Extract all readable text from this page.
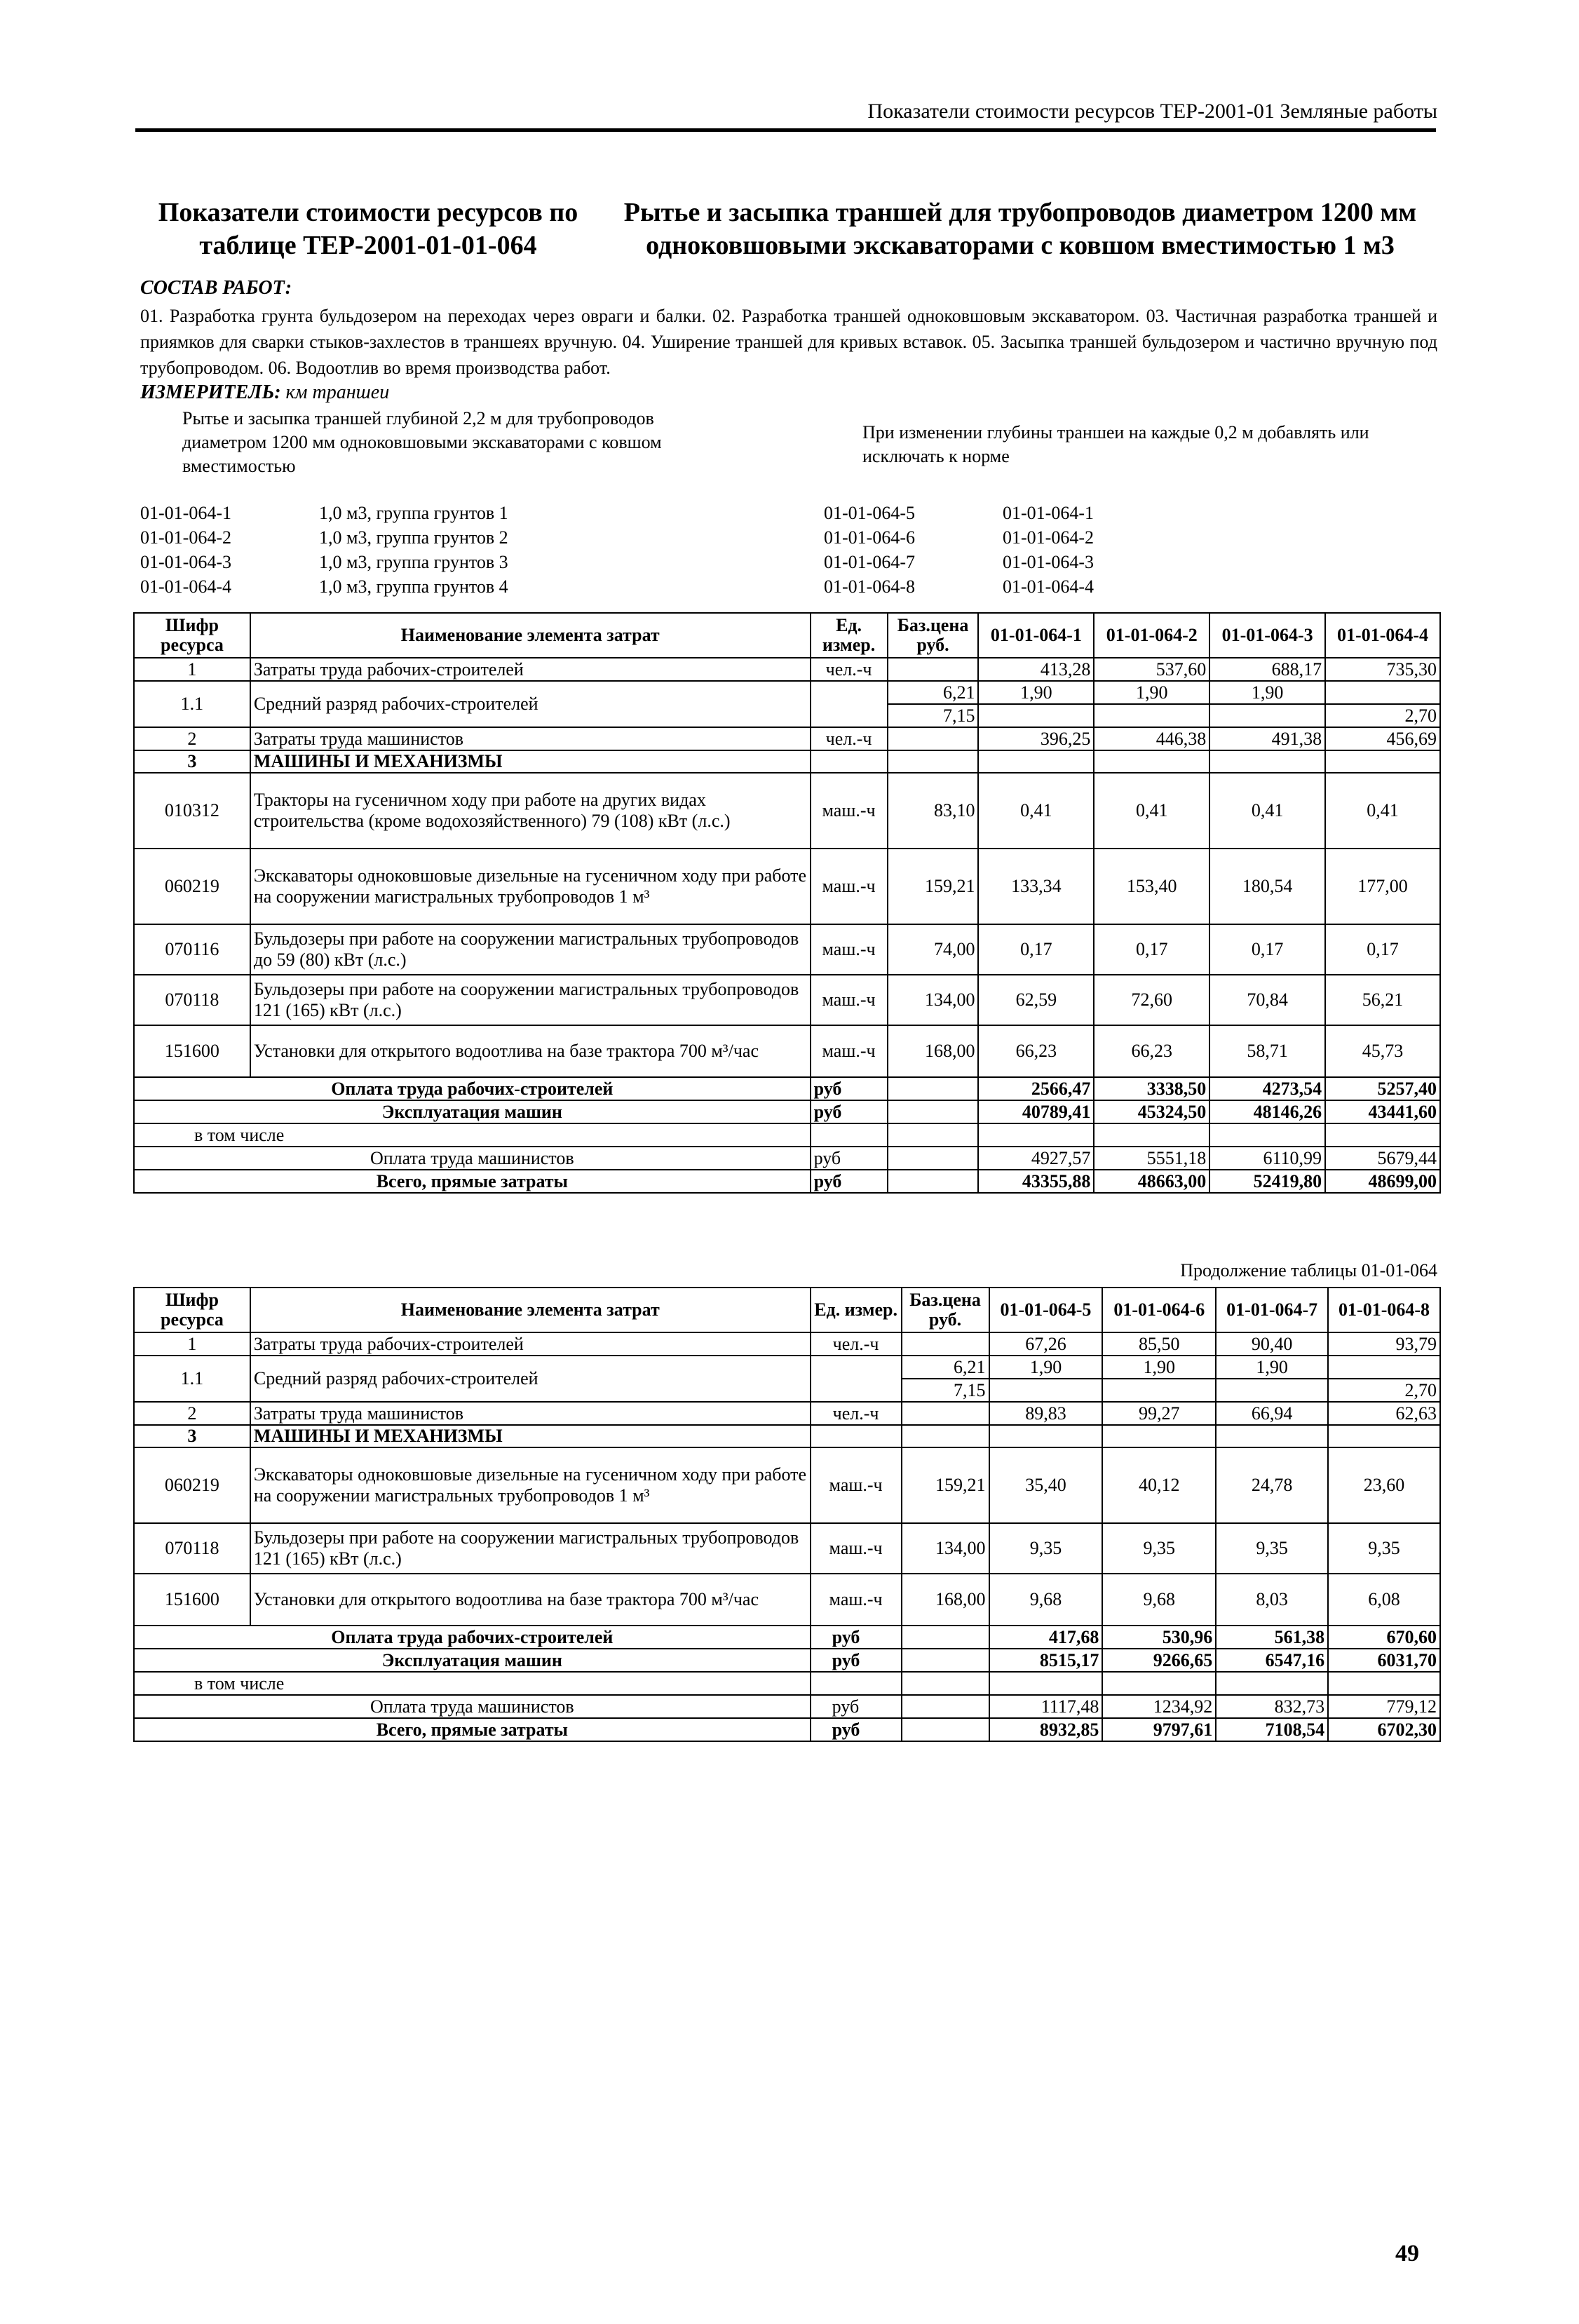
Показатели стоимости ресурсов ТЕР-2001-01 Земляные работы
Показатели стоимости ресурсов по таблице ТЕР-2001-01-01-064
Рытье и засыпка траншей для трубопроводов диаметром 1200 мм одноковшовыми экскаваторами с ковшом вместимостью 1 м3
СОСТАВ РАБОТ:
01. Разработка грунта бульдозером на переходах через овраги и балки. 02. Разработка траншей одноковшовым экскаватором. 03. Частичная разработка траншей и приямков для сварки стыков-захлестов в траншеях вручную. 04. Уширение траншей для кривых вставок. 05. Засыпка траншей бульдозером и частично вручную под трубопроводом. 06. Водоотлив во время производства работ.
ИЗМЕРИТЕЛЬ: км траншеи
Рытье и засыпка траншей глубиной 2,2 м для трубопроводов диаметром 1200 мм одноковшовыми экскаваторами с ковшом вместимостью
При изменении глубины траншеи на каждые 0,2 м добавлять или исключать к норме
01-01-064-1	1,0 м3, группа грунтов 1	01-01-064-5	01-01-064-1
01-01-064-2	1,0 м3, группа грунтов 2	01-01-064-6	01-01-064-2
01-01-064-3	1,0 м3, группа грунтов 3	01-01-064-7	01-01-064-3
01-01-064-4	1,0 м3, группа грунтов 4	01-01-064-8	01-01-064-4
Шифр ресурса	Наименование элемента затрат	Ед. измер.	Баз.цена руб.	01-01-064-1	01-01-064-2	01-01-064-3	01-01-064-4
1	Затраты труда рабочих-строителей	чел.-ч		413,28	537,60	688,17	735,30
1.1	Средний разряд рабочих-строителей		6,21	1,90	1,90	1,90	
			7,15				2,70
2	Затраты труда машинистов	чел.-ч		396,25	446,38	491,38	456,69
3	МАШИНЫ И МЕХАНИЗМЫ						
010312	Тракторы на гусеничном ходу при работе на других видах строительства (кроме водохозяйственного) 79 (108) кВт (л.с.)	маш.-ч	83,10	0,41	0,41	0,41	0,41
060219	Экскаваторы одноковшовые дизельные на гусеничном ходу при работе на сооружении магистральных трубопроводов 1 м³	маш.-ч	159,21	133,34	153,40	180,54	177,00
070116	Бульдозеры при работе на сооружении магистральных трубопроводов до 59 (80) кВт (л.с.)	маш.-ч	74,00	0,17	0,17	0,17	0,17
070118	Бульдозеры при работе на сооружении магистральных трубопроводов 121 (165) кВт (л.с.)	маш.-ч	134,00	62,59	72,60	70,84	56,21
151600	Установки для открытого водоотлива на базе трактора 700 м³/час	маш.-ч	168,00	66,23	66,23	58,71	45,73
Оплата труда рабочих-строителей		руб		2566,47	3338,50	4273,54	5257,40
Эксплуатация машин		руб		40789,41	45324,50	48146,26	43441,60
в том числе							
Оплата труда машинистов		руб		4927,57	5551,18	6110,99	5679,44
Всего, прямые затраты		руб		43355,88	48663,00	52419,80	48699,00
Продолжение таблицы 01-01-064
Шифр ресурса	Наименование элемента затрат	Ед. измер.	Баз.цена руб.	01-01-064-5	01-01-064-6	01-01-064-7	01-01-064-8
1	Затраты труда рабочих-строителей	чел.-ч		67,26	85,50	90,40	93,79
1.1	Средний разряд рабочих-строителей		6,21	1,90	1,90	1,90	
			7,15				2,70
2	Затраты труда машинистов	чел.-ч		89,83	99,27	66,94	62,63
3	МАШИНЫ И МЕХАНИЗМЫ						
060219	Экскаваторы одноковшовые дизельные на гусеничном ходу при работе на сооружении магистральных трубопроводов 1 м³	маш.-ч	159,21	35,40	40,12	24,78	23,60
070118	Бульдозеры при работе на сооружении магистральных трубопроводов 121 (165) кВт (л.с.)	маш.-ч	134,00	9,35	9,35	9,35	9,35
151600	Установки для открытого водоотлива на базе трактора 700 м³/час	маш.-ч	168,00	9,68	9,68	8,03	6,08
Оплата труда рабочих-строителей		руб		417,68	530,96	561,38	670,60
Эксплуатация машин		руб		8515,17	9266,65	6547,16	6031,70
в том числе							
Оплата труда машинистов		руб		1117,48	1234,92	832,73	779,12
Всего, прямые затраты		руб		8932,85	9797,61	7108,54	6702,30
49
